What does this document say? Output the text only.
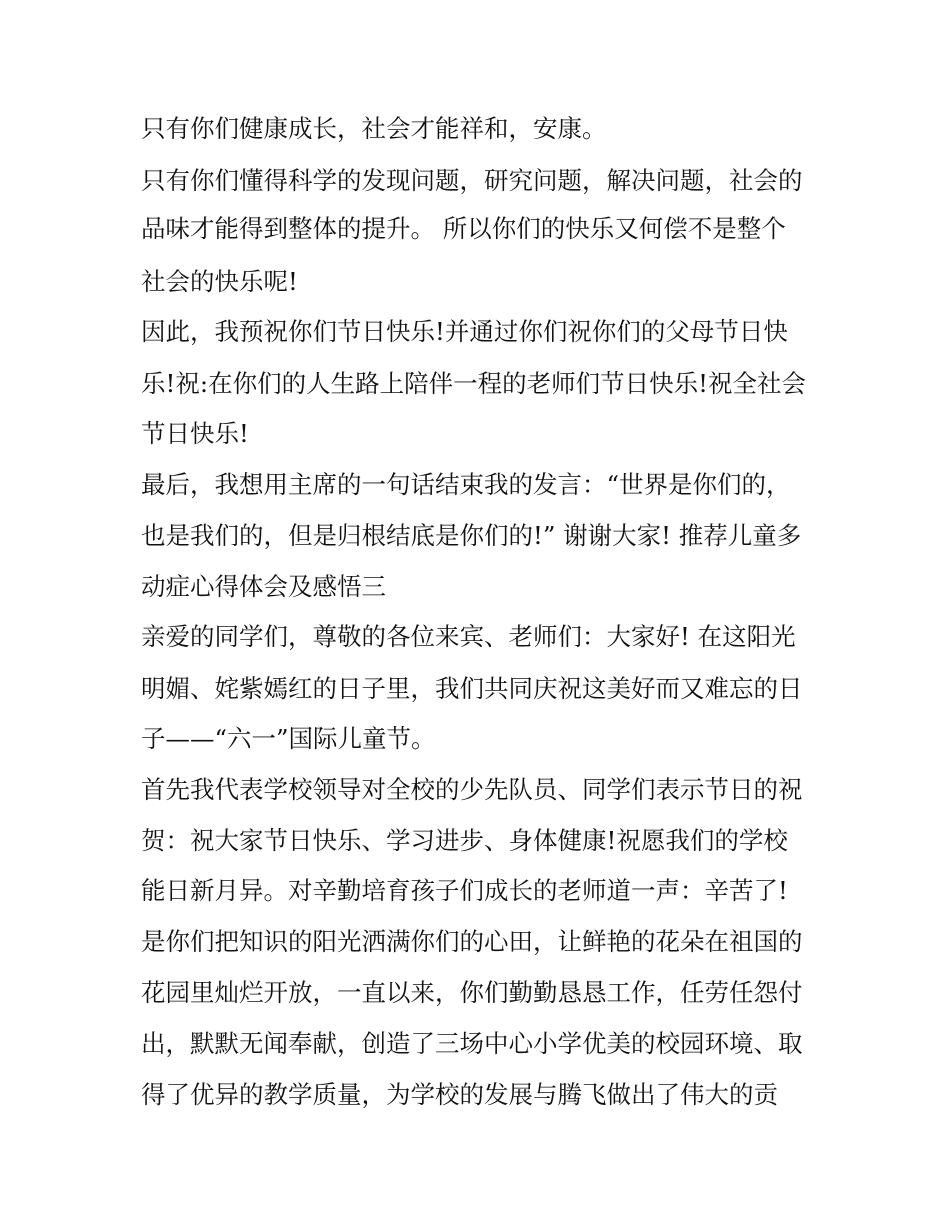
只有你们健康成长，社会才能祥和，安康。
只有你们懂得科学的发现问题，研究问题，解决问题，社会的
品味才能得到整体的提升。 所以你们的快乐又何偿不是整个
社会的快乐呢!
因此，我预祝你们节日快乐!并通过你们祝你们的父母节日快
乐!祝:在你们的人生路上陪伴一程的老师们节日快乐!祝全社会
节日快乐!
最后，我想用主席的一句话结束我的发言：“世界是你们的，
也是我们的，但是归根结底是你们的!” 谢谢大家! 推荐儿童多
动症心得体会及感悟三
亲爱的同学们，尊敬的各位来宾、老师们：大家好! 在这阳光
明媚、姹紫嫣红的日子里，我们共同庆祝这美好而又难忘的日
子——“六一”国际儿童节。
首先我代表学校领导对全校的少先队员、同学们表示节日的祝
贺：祝大家节日快乐、学习进步、身体健康!祝愿我们的学校
能日新月异。对辛勤培育孩子们成长的老师道一声：辛苦了!
是你们把知识的阳光洒满你们的心田，让鲜艳的花朵在祖国的
花园里灿烂开放，一直以来，你们勤勤恳恳工作，任劳任怨付
出，默默无闻奉献，创造了三场中心小学优美的校园环境、取
得了优异的教学质量，为学校的发展与腾飞做出了伟大的贡
